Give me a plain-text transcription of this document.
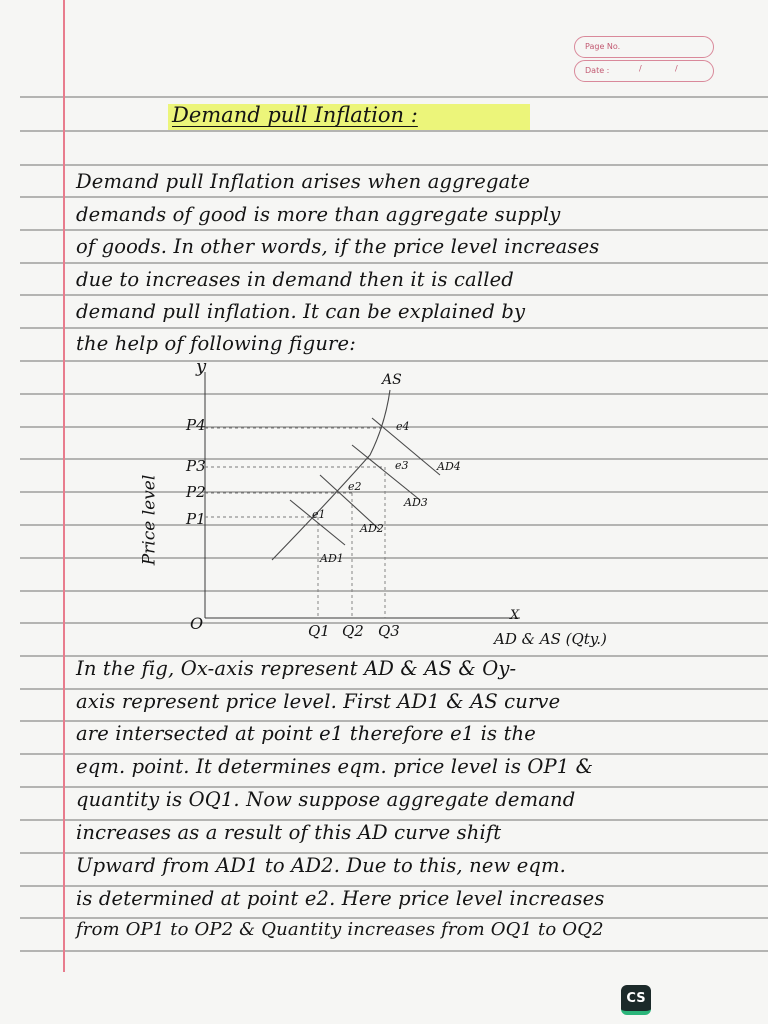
Page No.
Date :	/	/
Demand pull Inflation :
Demand pull Inflation arises when aggregate
demands of good is more than aggregate supply
of goods. In other words, if the price level increases
due to increases in demand then it is called
demand pull inflation. It can be explained by
the help of following figure:
y
Price level
P4
P3
P2
P1
AS
e4
e3
e2
e1
AD4
AD3
AD2
AD1
O	Q1 Q2 Q3
X
AD & AS (Qty.)
In the fig, Ox-axis represent AD & AS & Oy-
axis represent price level. First AD1 & AS curve
are intersected at point e1 therefore e1 is the
eqm. point. It determines eqm. price level is OP1 &
quantity is OQ1. Now suppose aggregate demand
increases as a result of this AD curve shift
Upward from AD1 to AD2. Due to this, new eqm.
is determined at point e2. Here price level increases
from OP1 to OP2 & Quantity increases from OQ1 to OQ2
CS
